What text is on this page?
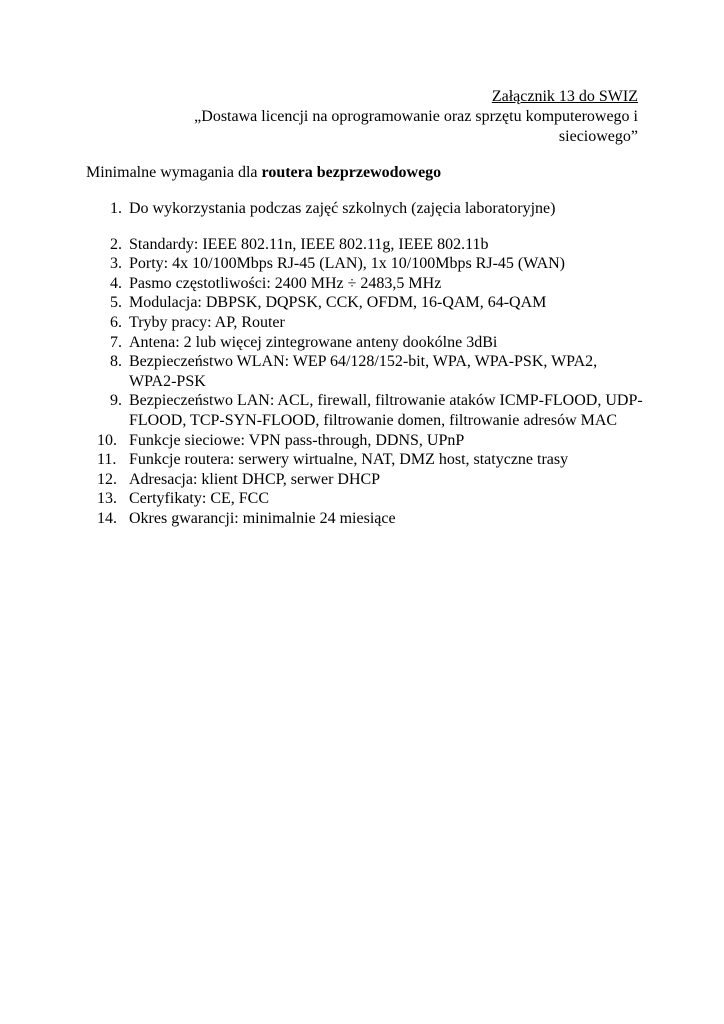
Załącznik 13 do SWIZ
„Dostawa licencji na oprogramowanie oraz sprzętu komputerowego i sieciowego”
Minimalne wymagania dla routera bezprzewodowego
1. Do wykorzystania podczas zajęć szkolnych (zajęcia laboratoryjne)
2. Standardy: IEEE 802.11n, IEEE 802.11g, IEEE 802.11b
3. Porty: 4x 10/100Mbps RJ-45 (LAN), 1x 10/100Mbps RJ-45 (WAN)
4. Pasmo częstotliwości: 2400 MHz ÷ 2483,5 MHz
5. Modulacja: DBPSK, DQPSK, CCK, OFDM, 16-QAM, 64-QAM
6. Tryby pracy: AP, Router
7. Antena: 2 lub więcej zintegrowane anteny dookólne 3dBi
8. Bezpieczeństwo WLAN: WEP 64/128/152-bit, WPA, WPA-PSK, WPA2, WPA2-PSK
9. Bezpieczeństwo LAN: ACL, firewall, filtrowanie ataków ICMP-FLOOD, UDP-FLOOD, TCP-SYN-FLOOD, filtrowanie domen, filtrowanie adresów MAC
10. Funkcje sieciowe: VPN pass-through, DDNS, UPnP
11. Funkcje routera: serwery wirtualne, NAT, DMZ host, statyczne trasy
12. Adresacja: klient DHCP, serwer DHCP
13. Certyfikaty: CE, FCC
14. Okres gwarancji: minimalnie 24 miesiące
